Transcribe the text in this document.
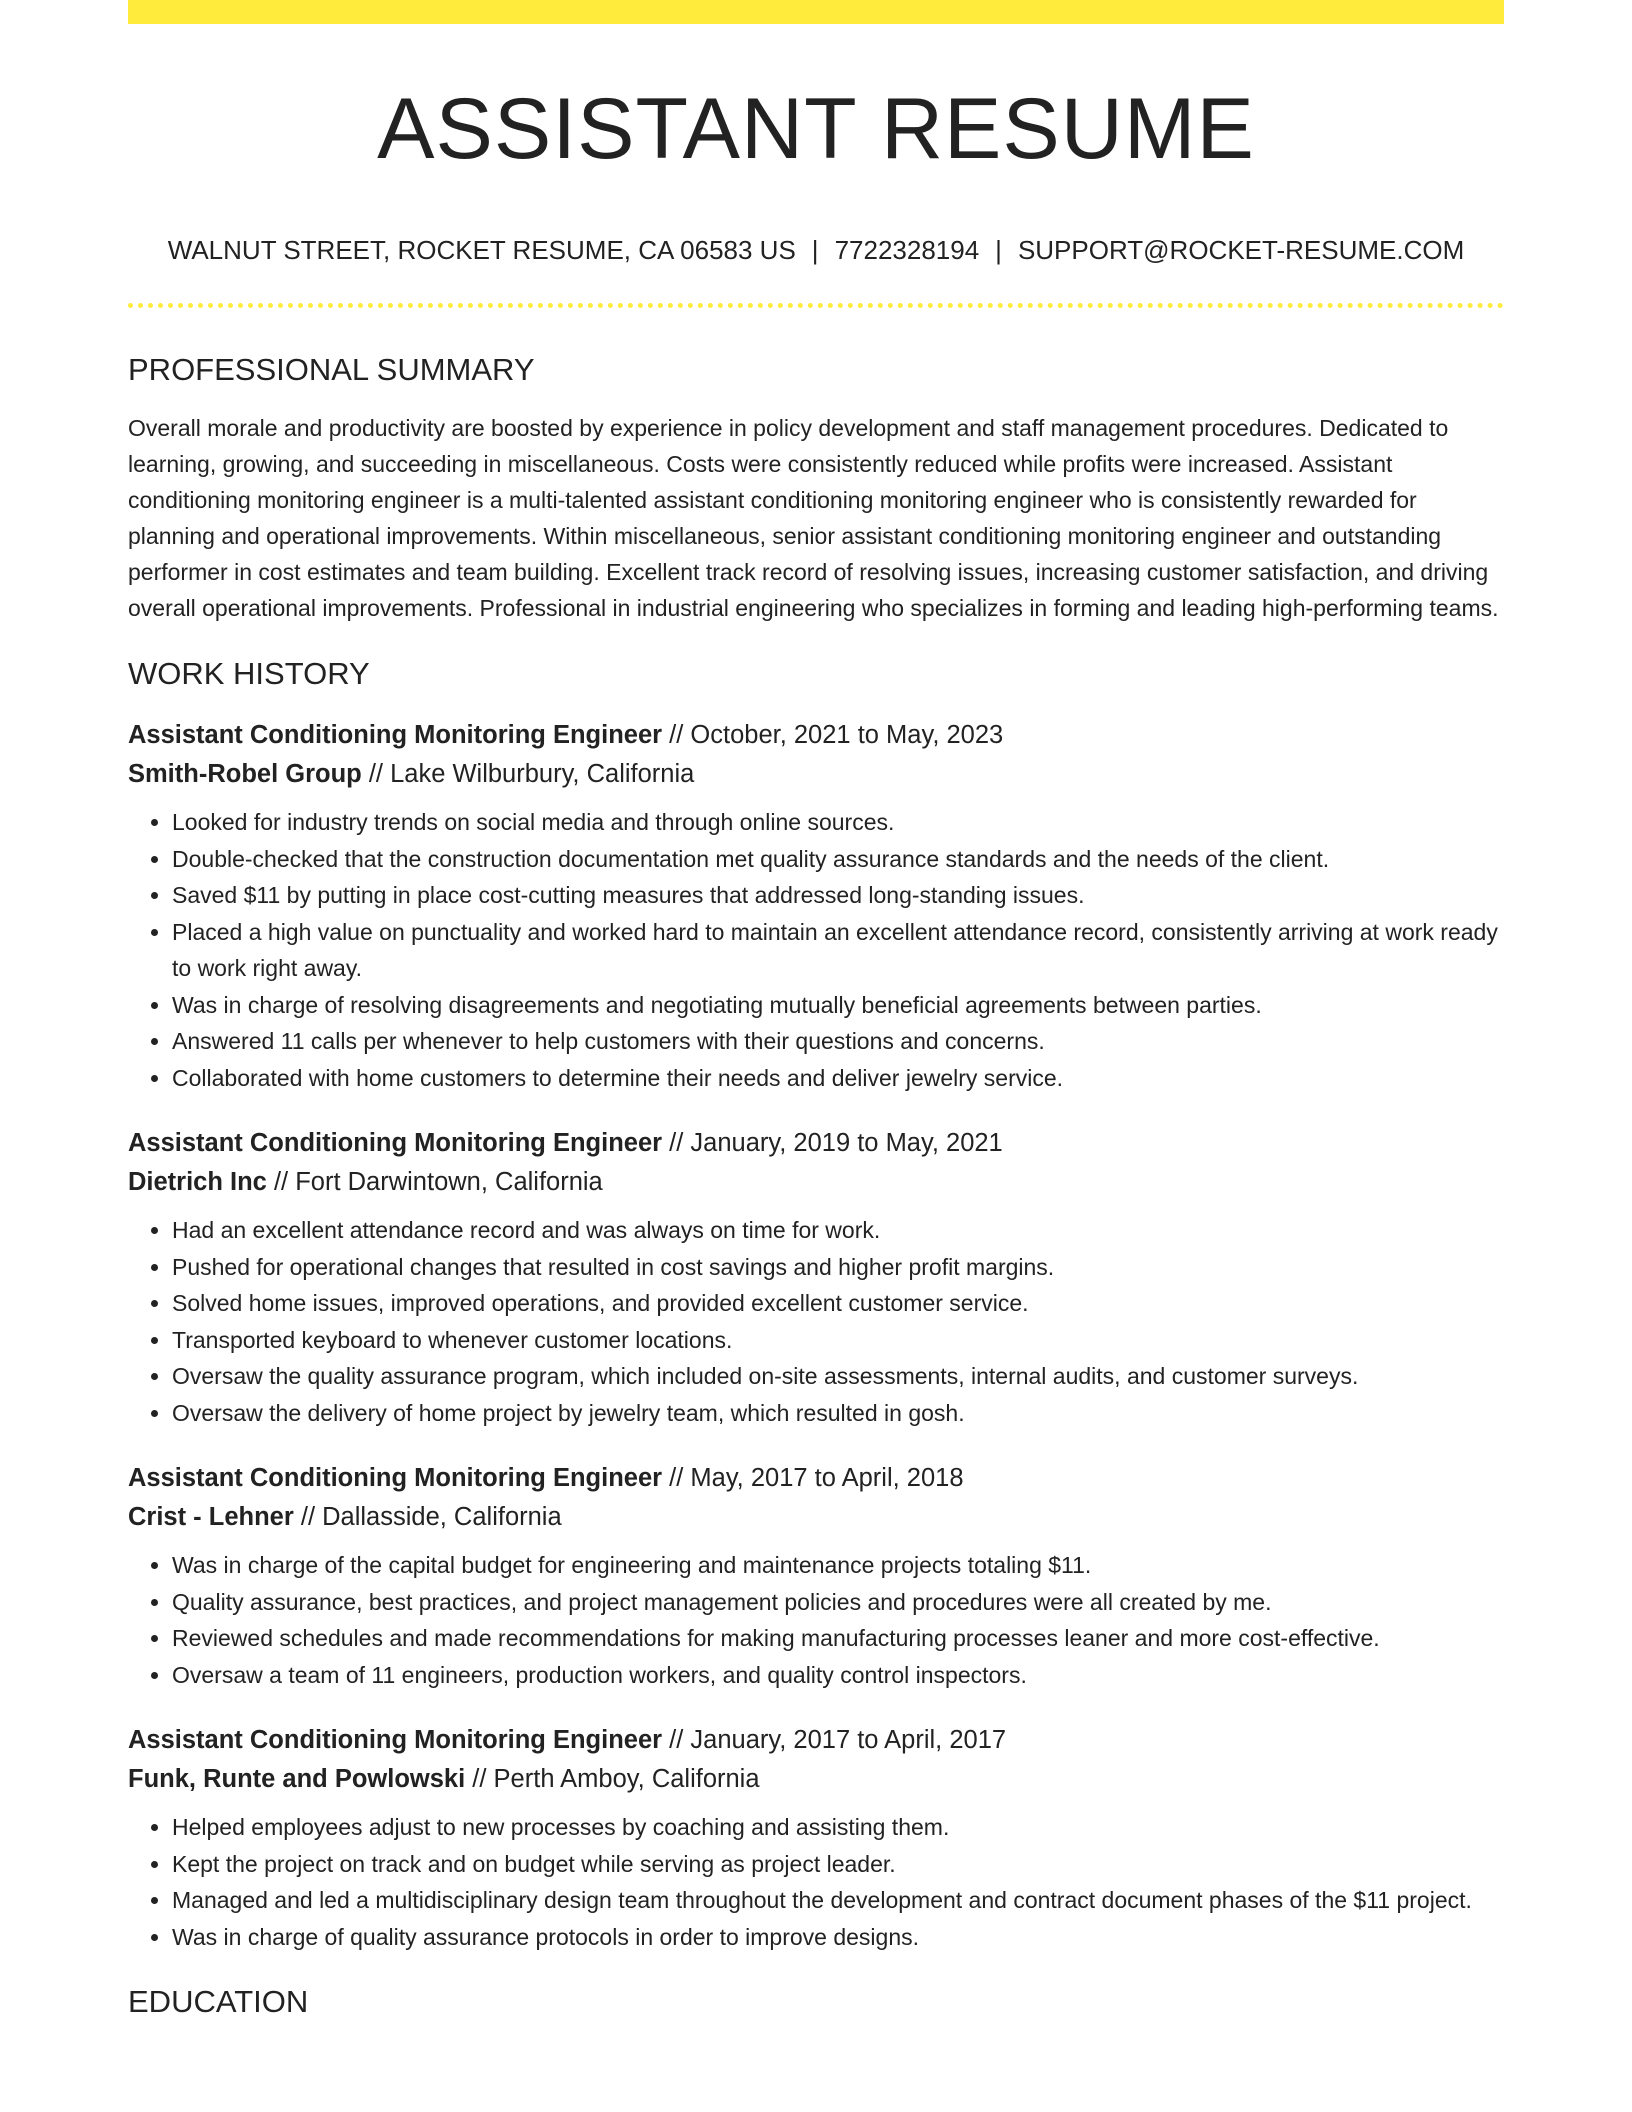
ASSISTANT RESUME
WALNUT STREET, ROCKET RESUME, CA 06583 US | 7722328194 | SUPPORT@ROCKET-RESUME.COM
PROFESSIONAL SUMMARY

Overall morale and productivity are boosted by experience in policy development and staff management procedures. Dedicated to learning, growing, and succeeding in miscellaneous. Costs were consistently reduced while profits were increased. Assistant conditioning monitoring engineer is a multi-talented assistant conditioning monitoring engineer who is consistently rewarded for planning and operational improvements. Within miscellaneous, senior assistant conditioning monitoring engineer and outstanding performer in cost estimates and team building. Excellent track record of resolving issues, increasing customer satisfaction, and driving overall operational improvements. Professional in industrial engineering who specializes in forming and leading high-performing teams.

WORK HISTORY
Assistant Conditioning Monitoring Engineer // October, 2021 to May, 2023
Smith-Robel Group // Lake Wilburbury, California
• Looked for industry trends on social media and through online sources.
• Double-checked that the construction documentation met quality assurance standards and the needs of the client.
• Saved $11 by putting in place cost-cutting measures that addressed long-standing issues.
• Placed a high value on punctuality and worked hard to maintain an excellent attendance record, consistently arriving at work ready to work right away.
• Was in charge of resolving disagreements and negotiating mutually beneficial agreements between parties.
• Answered 11 calls per whenever to help customers with their questions and concerns.
• Collaborated with home customers to determine their needs and deliver jewelry service.
Assistant Conditioning Monitoring Engineer // January, 2019 to May, 2021
Dietrich Inc // Fort Darwintown, California
• Had an excellent attendance record and was always on time for work.
• Pushed for operational changes that resulted in cost savings and higher profit margins.
• Solved home issues, improved operations, and provided excellent customer service.
• Transported keyboard to whenever customer locations.
• Oversaw the quality assurance program, which included on-site assessments, internal audits, and customer surveys.
• Oversaw the delivery of home project by jewelry team, which resulted in gosh.
Assistant Conditioning Monitoring Engineer // May, 2017 to April, 2018
Crist - Lehner // Dallasside, California
• Was in charge of the capital budget for engineering and maintenance projects totaling $11.
• Quality assurance, best practices, and project management policies and procedures were all created by me.
• Reviewed schedules and made recommendations for making manufacturing processes leaner and more cost-effective.
• Oversaw a team of 11 engineers, production workers, and quality control inspectors.
Assistant Conditioning Monitoring Engineer // January, 2017 to April, 2017
Funk, Runte and Powlowski // Perth Amboy, California
• Helped employees adjust to new processes by coaching and assisting them.
• Kept the project on track and on budget while serving as project leader.
• Managed and led a multidisciplinary design team throughout the development and contract document phases of the $11 project.
• Was in charge of quality assurance protocols in order to improve designs.
EDUCATION
